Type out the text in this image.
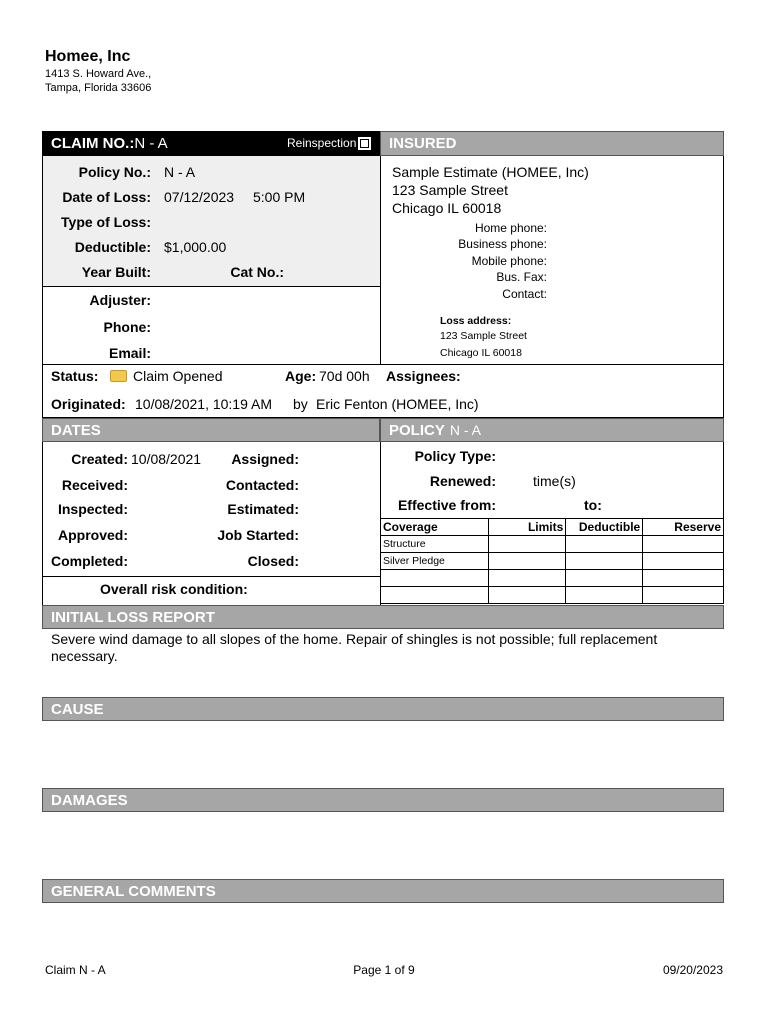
Homee, Inc
1413 S. Howard Ave.,
Tampa, Florida 33606
CLAIM NO.: N - A	Reinspection INSURED
Policy No.: N - A
Date of Loss: 07/12/2023 5:00 PM
Type of Loss:
Deductible: $1,000.00
Year Built:	Cat No.:
Adjuster:
Phone:
Email:
Sample Estimate (HOMEE, Inc)
123 Sample Street
Chicago IL 60018
Home phone:
Business phone:
Mobile phone:
Bus. Fax:
Contact:
Loss address:
123 Sample Street
Chicago IL 60018
Status:	Claim Opened	Age: 70d 00h Assignees:
Originated: 10/08/2021, 10:19 AM by Eric Fenton (HOMEE, Inc)
DATES	POLICY N - A
Created: 10/08/2021	Assigned:
Received:	Contacted:
Inspected:	Estimated:
Approved:	Job Started:
Completed:	Closed:
Overall risk condition:
Policy Type:
Renewed:	time(s)
Effective from:	to:
Coverage	Limits	Deductible	Reserve
Structure			
Silver Pledge			

INITIAL LOSS REPORT
Severe wind damage to all slopes of the home. Repair of shingles is not possible; full replacement necessary.
CAUSE
DAMAGES
GENERAL COMMENTS
Claim N - A	Page 1 of 9	09/20/2023
